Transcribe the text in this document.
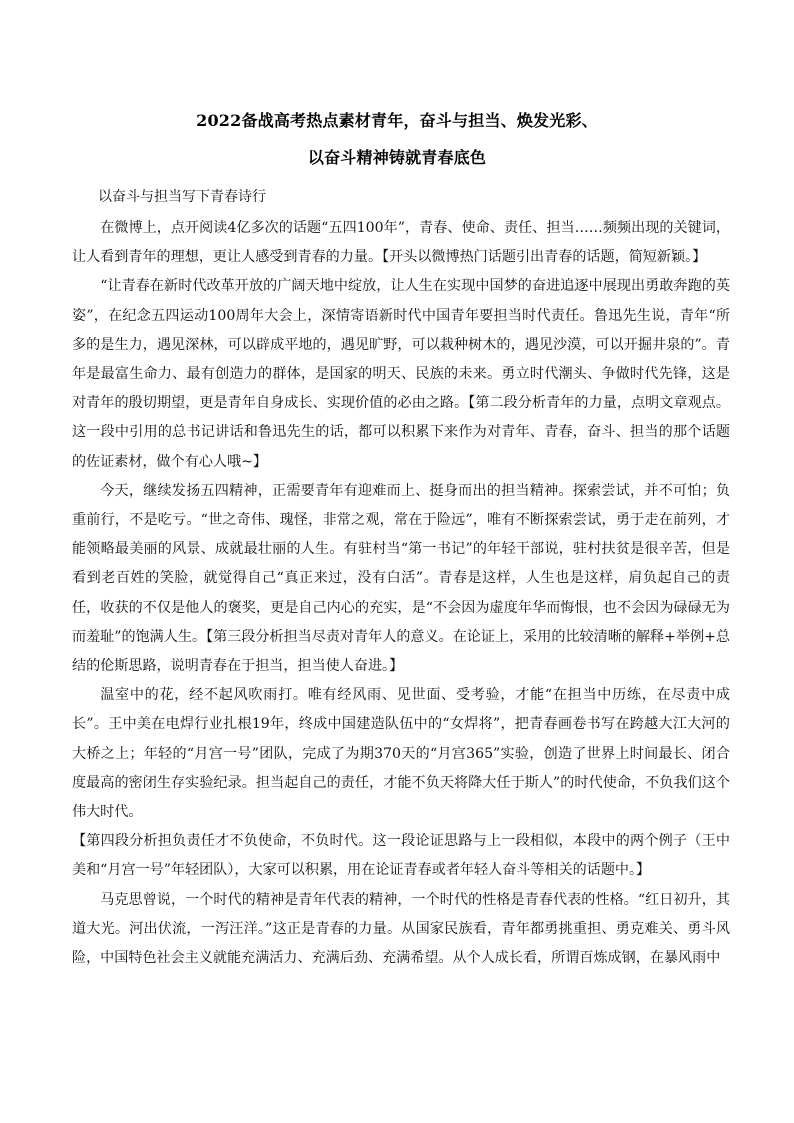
2022备战高考热点素材青年，奋斗与担当、焕发光彩、
以奋斗精神铸就青春底色
以奋斗与担当写下青春诗行

在微博上，点开阅读4亿多次的话题“五四100年”，青春、使命、责任、担当……频频出现的关键词，让人看到青年的理想，更让人感受到青春的力量。【开头以微博热门话题引出青春的话题，简短新颖。】

“让青春在新时代改革开放的广阔天地中绽放，让人生在实现中国梦的奋进追逐中展现出勇敢奔跑的英姿”，在纪念五四运动100周年大会上，深情寄语新时代中国青年要担当时代责任。鲁迅先生说，青年“所多的是生力，遇见深林，可以辟成平地的，遇见旷野，可以栽种树木的，遇见沙漠，可以开掘井泉的”。青年是最富生命力、最有创造力的群体，是国家的明天、民族的未来。勇立时代潮头、争做时代先锋，这是对青年的殷切期望，更是青年自身成长、实现价值的必由之路。【第二段分析青年的力量，点明文章观点。这一段中引用的总书记讲话和鲁迅先生的话，都可以积累下来作为对青年、青春，奋斗、担当的那个话题的佐证素材，做个有心人哦~】

今天，继续发扬五四精神，正需要青年有迎难而上、挺身而出的担当精神。探索尝试，并不可怕；负重前行，不是吃亏。“世之奇伟、瑰怪，非常之观，常在于险远”，唯有不断探索尝试，勇于走在前列，才能领略最美丽的风景、成就最壮丽的人生。有驻村当“第一书记”的年轻干部说，驻村扶贫是很辛苦，但是看到老百姓的笑脸，就觉得自己“真正来过，没有白活”。青春是这样，人生也是这样，肩负起自己的责任，收获的不仅是他人的褒奖，更是自己内心的充实，是“不会因为虚度年华而悔恨，也不会因为碌碌无为而羞耻”的饱满人生。【第三段分析担当尽责对青年人的意义。在论证上，采用的比较清晰的解释+举例+总结的伦斯思路，说明青春在于担当，担当使人奋进。】

温室中的花，经不起风吹雨打。唯有经风雨、见世面、受考验，才能“在担当中历练，在尽责中成长”。王中美在电焊行业扎根19年，终成中国建造队伍中的“女焊将”，把青春画卷书写在跨越大江大河的大桥之上；年轻的“月宫一号”团队，完成了为期370天的“月宫365”实验，创造了世界上时间最长、闭合度最高的密闭生存实验纪录。担当起自己的责任，才能不负天将降大任于斯人”的时代使命，不负我们这个伟大时代。

【第四段分析担负责任才不负使命，不负时代。这一段论证思路与上一段相似，本段中的两个例子（王中美和“月宫一号”年轻团队），大家可以积累，用在论证青春或者年轻人奋斗等相关的话题中。】

马克思曾说，一个时代的精神是青年代表的精神，一个时代的性格是青春代表的性格。“红日初升，其道大光。河出伏流，一泻汪洋。”这正是青春的力量。从国家民族看，青年都勇挑重担、勇克难关、勇斗风险，中国特色社会主义就能充满活力、充满后劲、充满希望。从个人成长看，所谓百炼成钢，在暴风雨中
